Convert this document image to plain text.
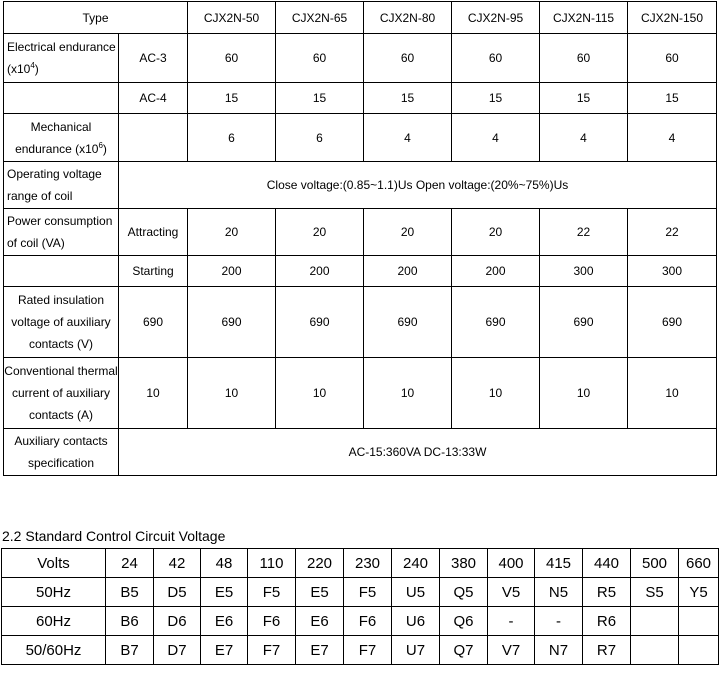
Type		CJX2N-50	CJX2N-65	CJX2N-80	CJX2N-95	CJX2N-115	CJX2N-150

Electrical endurance
$(x10^4)$	AC-3	60	60	60	60	60	60
	AC-4	15	15	15	15	15	15

Mechanical
endurance $(x10^6)$		6	6	4	4	4	4

Operating voltage
range of coil	Close voltage:(0.85~1.1)Us Open voltage:(20%~75%)Us						

Power consumption
of coil (VA)	Attracting	20	20	20	20	22	22
	Starting	200	200	200	200	300	300

Rated insulation
voltage of auxiliary
contacts (V)	690	690	690	690	690	690	690

Conventional thermal
current of auxiliary
contacts (A)	10	10	10	10	10	10	10

Auxiliary contacts
specification	AC-15:360VA DC-13:33W						
2.2 Standard Control Circuit Voltage
Volts	24	42	48	110	220	230	240	380	400	415	440	500	660
50Hz	B5	D5	E5	F5	E5	F5	U5	Q5	V5	N5	R5	S5	Y5
60Hz	B6	D6	E6	F6	E6	F6	U6	Q6	-	-	R6		
50/60Hz	B7	D7	E7	F7	E7	F7	U7	Q7	V7	N7	R7		
